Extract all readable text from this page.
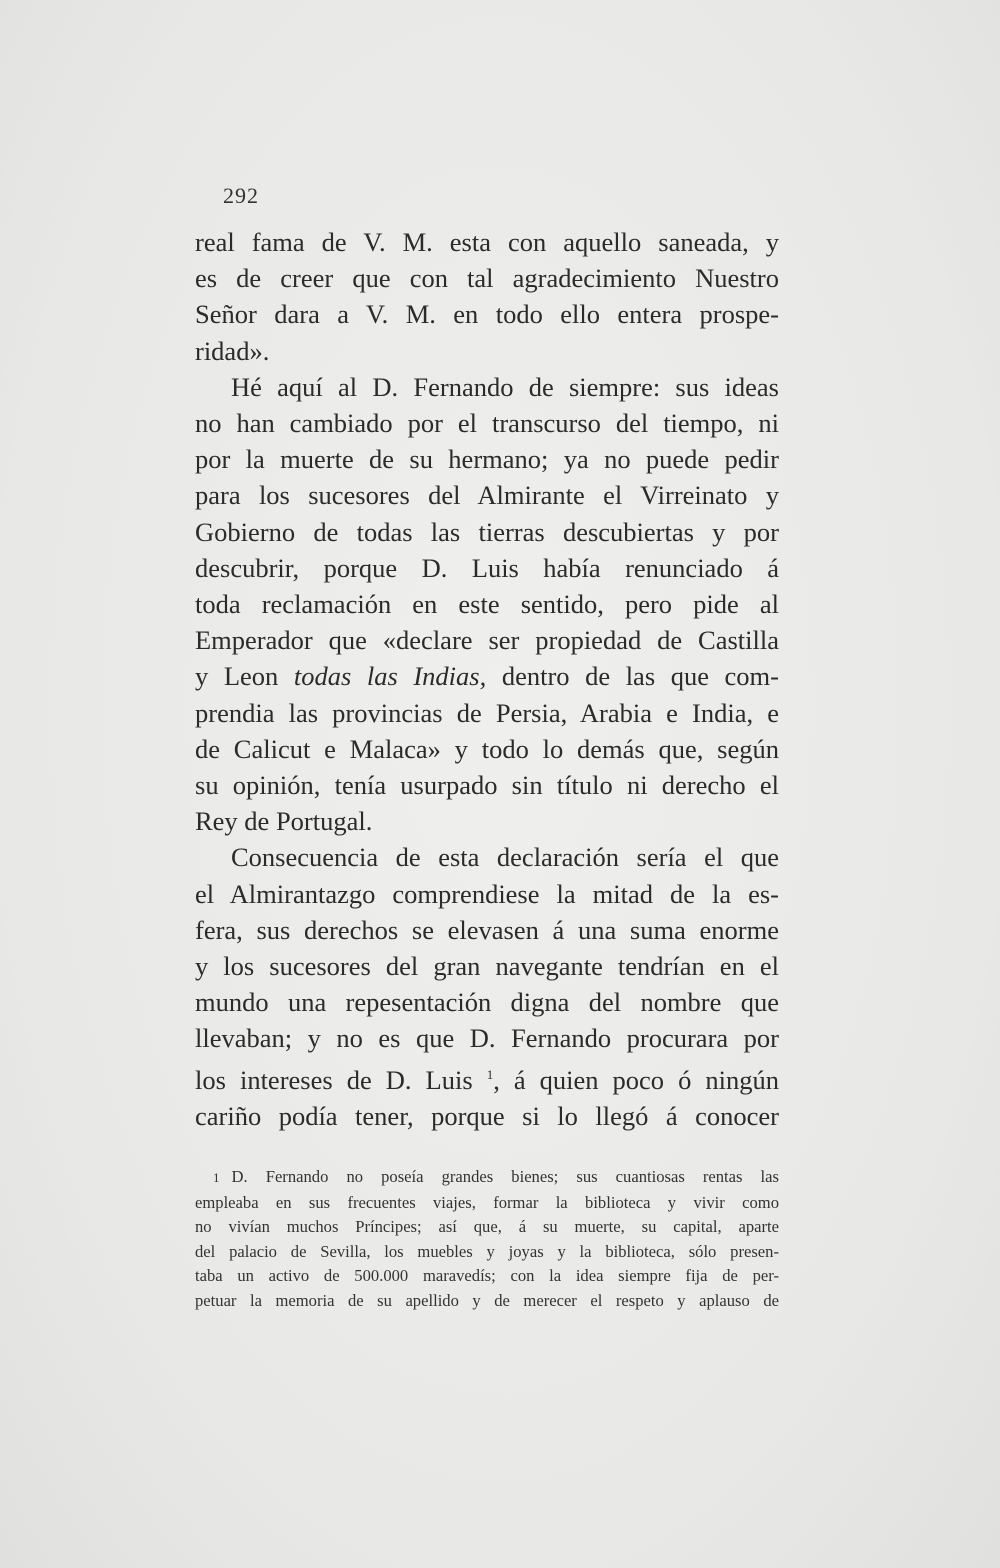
292
real fama de V. M. esta con aquello saneada, y
es de creer que con tal agradecimiento Nuestro
Señor dara a V. M. en todo ello entera prospe-
ridad».
Hé aquí al D. Fernando de siempre: sus ideas
no han cambiado por el transcurso del tiempo, ni
por la muerte de su hermano; ya no puede pedir
para los sucesores del Almirante el Virreinato y
Gobierno de todas las tierras descubiertas y por
descubrir, porque D. Luis había renunciado á
toda reclamación en este sentido, pero pide al
Emperador que «declare ser propiedad de Castilla
y Leon todas las Indias, dentro de las que com-
prendia las provincias de Persia, Arabia e India, e
de Calicut e Malaca» y todo lo demás que, según
su opinión, tenía usurpado sin título ni derecho el
Rey de Portugal.
Consecuencia de esta declaración sería el que
el Almirantazgo comprendiese la mitad de la es-
fera, sus derechos se elevasen á una suma enorme
y los sucesores del gran navegante tendrían en el
mundo una repesentación digna del nombre que
llevaban; y no es que D. Fernando procurara por
los intereses de D. Luis $^1$, á quien poco ó ningún
cariño podía tener, porque si lo llegó á conocer
1 D. Fernando no poseía grandes bienes; sus cuantiosas rentas las
empleaba en sus frecuentes viajes, formar la biblioteca y vivir como
no vivían muchos Príncipes; así que, á su muerte, su capital, aparte
del palacio de Sevilla, los muebles y joyas y la biblioteca, sólo presen-
taba un activo de 500.000 maravedís; con la idea siempre fija de per-
petuar la memoria de su apellido y de merecer el respeto y aplauso de
